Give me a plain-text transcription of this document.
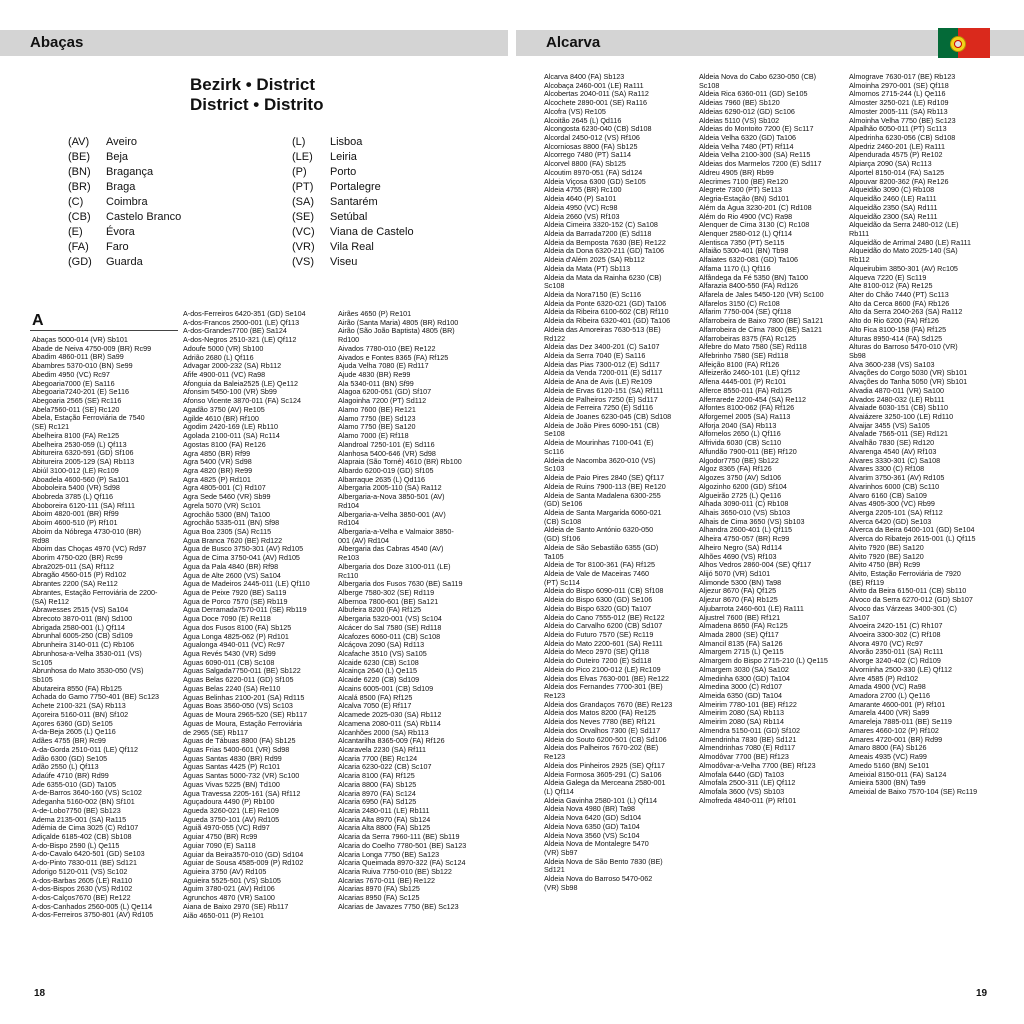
Abaças	Alcarva
Bezirk • District
District • Distrito
(AV)	Aveiro
(BE)	Beja
(BN)	Bragança
(BR)	Braga
(C)	Coimbra
(CB)	Castelo Branco
(E)	Évora
(FA)	Faro
(GD)	Guarda
(L)	Lisboa
(LE)	Leiria
(P)	Porto
(PT)	Portalegre
(SA)	Santarém
(SE)	Setúbal
(VC)	Viana de Castelo
(VR)	Vila Real
(VS)	Viseu
A
Abaças 5000-014 (VR) Sb101
Abade de Neiva 4750-009 (BR) Rc99
Abadim 4860-011 (BR) Sa99
Abambres 5370-010 (BN) Se99
Abedim 4950 (VC) Rc97
Abegoaria7000 (E) Sa116
Abegoaria7240-201 (E) Se116
Abegoaria 2565 (SE) Rc116
Abela7560-011 (SE) Rc120
Abela, Estação Ferroviária de 7540
(SE) Rc121
Abelheira 8100 (FA) Re125
Abelheira 2530-059 (L) Qf113
Abitureira 6320-591 (GD) Sf106
Abitureira 2005-129 (SA) Rb113
Abiúl 3100-012 (LE) Rc109
Aboadela 4600-560 (P) Sa101
Aboboleira 5400 (VR) Sd98
Abobreda 3785 (L) Qf116
Aboboreira 6120-111 (SA) Rf111
Aboim 4820-001 (BR) Rf99
Aboim 4600-510 (P) Rf101
Aboim da Nóbrega 4730-010 (BR)
Rd98
Aboim das Choças 4970 (VC) Rd97
Aborim 4750-020 (BR) Rc99
Abra2025-011 (SA) Rf112
Abragão 4560-015 (P) Rd102
Abrantes 2200 (SA) Re112
Abrantes, Estação Ferroviária de 2200-
(SA) Re112
Abrawesses 2515 (VS) Sa104
Abrecoto 3870-011 (BN) Sd100
Abrigada 2580-001 (L) Qf114
Abrunhal 6005-250 (CB) Sd109
Abrunheira 3140-011 (C) Rb106
Abrunhosa-a-Velha 3530-011 (VS)
Sc105
Abrunhosa do Mato 3530-050 (VS)
Sb105
Abutareira 8550 (FA) Rb125
Achada do Gamo 7750-401 (BE) Sc123
Achete 2100-321 (SA) Rb113
Açoreira 5160-011 (BN) Sf102
Açores 6360 (GD) Se105
A-da-Beja 2605 (L) Qe116
Adães 4755 (BR) Rc99
A-da-Gorda 2510-011 (LE) Qf112
Adão 6300 (GD) Se105
Adão 2550 (L) Qf113
Adaúfe 4710 (BR) Rd99
Ade 6355-010 (GD) Ta105
A-de-Barros 3640-160 (VS) Sc102
Adeganha 5160-002 (BN) Sf101
A-de-Lobo7750 (BE) Sb123
Adema 2135-001 (SA) Ra115
Adémia de Cima 3025 (C) Rd107
Adiçalde 6185-402 (CB) Sb108
A-do-Bispo 2590 (L) Qe115
A-do-Cavalo 6420-501 (GD) Se103
A-do-Pinto 7830-011 (BE) Sd121
Adorigo 5120-011 (VS) Sc102
A-dos-Barbas 2605 (LE) Ra110
A-dos-Bispos 2630 (VS) Rd102
A-dos-Calços7670 (BE) Re122
A-dos-Canhados 2560-005 (L) Qe114
A-dos-Ferreiros 3750-801 (AV) Rd105
A-dos-Ferreiros 6420-351 (GD) Se104
A-dos-Francos 2500-001 (LE) Qf113
A-dos-Grandes7700 (BE) Sa124
A-dos-Negros 2510-321 (LE) Qf112
Adoufe 5000 (VR) Sb100
Adrião 2680 (L) Qf116
Advagar 2000-232 (SA) Rb112
Afife 4900-011 (VC) Ra98
Afonguia da Baleia2525 (LE) Qe112
Afonsim 5450-100 (VR) Sb99
Afonso Vicente 3870-011 (FA) Sc124
Agadão 3750 (AV) Re105
Agilde 4610 (BR) Rf100
Agodim 2420-169 (LE) Rb110
Agolada 2100-011 (SA) Rc114
Agostas 8100 (FA) Re126
Agra 4850 (BR) Rf99
Agra 5400 (VR) Sd98
Agra 4820 (BR) Re99
Agra 4825 (P) Rd101
Agra 4805-001 (C) Rd107
Agra Sede 5460 (VR) Sb99
Agrela 5070 (VR) Sc101
Agrochão 5300 (BN) Ta100
Agrochão 5335-011 (BN) Sf98
Água Boa 2305 (SA) Rc115
Água Branca 7620 (BE) Rd122
Água de Busco 3750-301 (AV) Rd105
Água de Cima 3750-041 (AV) Rd105
Água da Pala 4840 (BR) Rf98
Água de Alte 2600 (VS) Sa104
Água de Madeiros 2445-011 (LE) Qf110
Água de Peixe 7920 (BE) Sa119
Água de Porco 7570 (SE) Rb119
Água Derramada7570-011 (SE) Rb119
Água Doce 7090 (E) Re118
Água dos Fusos 8100 (FA) Sb125
Água Longa 4825-062 (P) Rd101
Agualonga 4940-011 (VC) Rc97
Água Revés 5430 (VR) Sd99
Águas 6090-011 (CB) Sc108
Águas Salgada7750-011 (BE) Sb122
Águas Belas 6220-011 (GD) Sf105
Águas Belas 2240 (SA) Re110
Águas Belinhas 2100-201 (SA) Rd115
Águas Boas 3560-050 (VS) Sc103
Águas de Moura 2965-520 (SE) Rb117
Águas de Moura, Estação Ferroviária
de 2965 (SE) Rb117
Águas de Tábuas 8800 (FA) Sb125
Águas Frias 5400-601 (VR) Sd98
Águas Santas 4830 (BR) Rd99
Águas Santas 4425 (P) Rc101
Águas Santas 5000-732 (VR) Sc100
Águas Vivas 5225 (BN) Td100
Água Travessa 2205-161 (SA) Rf112
Aguçadoura 4490 (P) Rb100
Agueda 3260-021 (LE) Re109
Águeda 3750-101 (AV) Rd105
Aguiã 4970-055 (VC) Rd97
Aguiar 4750 (BR) Rc99
Aguiar 7090 (E) Sa118
Aguiar da Beira3570-010 (GD) Sd104
Aguiar de Sousa 4585-009 (P) Rd102
Aguieira 3750 (AV) Rd105
Aguieira 5525-501 (VS) Sb105
Aguim 3780-021 (AV) Rd106
Agrunchos 4870 (VR) Sa100
Aiana de Baixo 2970 (SE) Rb117
Aião 4650-011 (P) Re101
Airães 4650 (P) Re101
Airão (Santa Maria) 4805 (BR) Rd100
Airão (São João Baptista) 4805 (BR)
Rd100
Aivados 7780-010 (BE) Re122
Aivados e Fontes 8365 (FA) Rf125
Ajuda Velha 7080 (E) Rd117
Ajude 4830 (BR) Re99
Ala 5340-011 (BN) Sf99
Alagoa 6200-051 (GD) Sf107
Alagoinha 7200 (PT) Sd112
Alamo 7600 (BE) Re121
Alamo 7750 (BE) Sd123
Alamo 7750 (BE) Sa120
Alamo 7000 (E) Rf118
Alandroal 7250-101 (E) Sd116
Alanhosa 5400-646 (VR) Sd98
Alapraia (São Torné) 4610 (BR) Rb100
Albardo 6200-019 (GD) Sf105
Albarraque 2635 (L) Qd116
Albergaria 2005-110 (SA) Ra112
Albergaria-a-Nova 3850-501 (AV)
Rd104
Albergaria-a-Velha 3850-001 (AV)
Rd104
Albergaria-a-Velha e Valmaior 3850-
001 (AV) Rd104
Albergaria das Cabras 4540 (AV)
Re103
Albergaria dos Doze 3100-011 (LE)
Rc110
Albergaria dos Fusos 7630 (BE) Sa119
Alberge 7580-302 (SE) Rd119
Albernoa 7800-601 (BE) Sa121
Albufeira 8200 (FA) Rf125
Albergaria 5320-001 (VS) Sc104
Alcácer do Sal 7580 (SE) Rd118
Alcafozes 6060-011 (CB) Sc108
Alcáçova 2090 (SA) Rd113
Alcafache 3510 (VS) Sa105
Alcaide 6230 (CB) Sc108
Alcainça 2640 (L) Qe115
Alcaide 6220 (CB) Sd109
Alcains 6005-001 (CB) Sd109
Alcalá 8500 (FA) Rf125
Alcalva 7050 (E) Rf117
Alcamede 2025-030 (SA) Rb112
Alcamena 2080-011 (SA) Rb114
Alcanhões 2000 (SA) Rb113
Alcantarilha 8365-009 (FA) Rf126
Alcaravela 2230 (SA) Rf111
Alcaria 7700 (BE) Rc124
Alcaria 6230-022 (CB) Sc107
Alcaria 8100 (FA) Rf125
Alcaria 8800 (FA) Sb125
Alcaria 8970 (FA) Sc124
Alcaria 6950 (FA) Sd125
Alcaria 2480-011 (LE) Rb111
Alcaria Alta 8970 (FA) Sb124
Alcaria Alta 8800 (FA) Sb125
Alcaria da Serra 7960-111 (BE) Sb119
Alcaria do Coelho 7780-501 (BE) Sa123
Alcaria Longa 7750 (BE) Sa123
Alcaria Queimada 8970-322 (FA) Sc124
Alcaria Ruiva 7750-010 (BE) Sb122
Alcarias 7670-011 (BE) Re122
Alcarias 8970 (FA) Sb125
Alcarias 8950 (FA) Sc125
Alcarias de Javazes 7750 (BE) Sc123
Alcarva 8400 (FA) Sb123
Alcobaça 2460-001 (LE) Ra111
Alcobertas 2040-011 (SA) Ra112
Alcochete 2890-001 (SE) Ra116
Alcofra (VS) Re105
Alcoitão 2645 (L) Qd116
Alcongosta 6230-040 (CB) Sd108
Alcordal 2450-012 (VS) Rf106
Alcorniosas 8800 (FA) Sb125
Alcorrego 7480 (PT) Sa114
Alcorvel 8800 (FA) Sb125
Alcoutim 8970-051 (FA) Sd124
Aldeia Viçosa 6300 (GD) Se105
Aldeia 4755 (BR) Rc100
Aldeia 4640 (P) Sa101
Aldeia 4950 (VC) Rc98
Aldeia 2660 (VS) Rf103
Aldeia Cimeira 3320-152 (C) Sa108
Aldeia da Barrada7200 (E) Sd118
Aldeia da Bemposta 7630 (BE) Re122
Aldeia da Dona 6320-211 (GD) Ta106
Aldeia d'Além 2025 (SA) Rb112
Aldeia da Mata (PT) Sb113
Aldeia da Mata da Rainha 6230 (CB)
Sc108
Aldeia da Nora7150 (E) Sc116
Aldeia da Ponte 6320-021 (GD) Ta106
Aldeia da Ribeira 6100-602 (CB) Rf110
Aldeia da Ribeira 6320-401 (GD) Ta106
Aldeia das Amoreiras 7630-513 (BE)
Rd122
Aldeia das Dez 3400-201 (C) Sa107
Aldeia da Serra 7040 (E) Sa116
Aldeia das Pias 7300-012 (E) Sd117
Aldeia da Venda 7200-011 (E) Sd117
Aldeia de Ana de Avis (LE) Re109
Aldeia de Ervas 6120-151 (SA) Rf111
Aldeia de Palheiros 7250 (E) Sd117
Aldeia de Ferreira 7250 (E) Sd116
Aldeia de Joanes 6230-045 (CB) Sd108
Aldeia de João Pires 6090-151 (CB)
Se108
Aldeia de Mourinhas 7100-041 (E)
Sc116
Aldeia de Nacomba 3620-010 (VS)
Sc103
Aldeia de Paio Pires 2840 (SE) Qf117
Aldeia de Ruins 7900-113 (BE) Re120
Aldeia de Santa Madalena 6300-255
(GD) Se106
Aldeia de Santa Margarida 6060-021
(CB) Sc108
Aldeia de Santo António 6320-050
(GD) Sf106
Aldeia de São Sebastião 6355 (GD)
Ta105
Aldeia de Tor 8100-361 (FA) Rf125
Aldeia de Vale de Maceiras 7460
(PT) Sc114
Aldeia do Bispo 6090-011 (CB) Sf108
Aldeia do Bispo 6300 (GD) Se106
Aldeia do Bispo 6320 (GD) Ta107
Aldeia do Cano 7555-012 (BE) Rc122
Aldeia do Carvalho 6200 (CB) Sd107
Aldeia do Futuro 7570 (SE) Rc119
Aldeia do Mato 2200-601 (SA) Re111
Aldeia do Meco 2970 (SE) Qf118
Aldeia do Outeiro 7200 (E) Sd118
Aldeia do Pico 2100-012 (LE) Rc109
Aldeia dos Elvas 7630-001 (BE) Re122
Aldeia dos Fernandes 7700-301 (BE)
Re123
Aldeia dos Grandaços 7670 (BE) Re123
Aldeia dos Matos 8200 (FA) Re125
Aldeia dos Neves 7780 (BE) Rf121
Aldeia dos Orvalhos 7300 (E) Sd117
Aldeia do Souto 6200-501 (CB) Sd106
Aldeia dos Palheiros 7670-202 (BE)
Re123
Aldeia dos Pinheiros 2925 (SE) Qf117
Aldeia Formosa 3605-291 (C) Sa106
Aldeia Galega da Merceana 2580-001
(L) Qf114
Aldeia Gavinha 2580-101 (L) Qf114
Aldeia Nova 4980 (BR) Ta98
Aldeia Nova 6420 (GD) Sd104
Aldeia Nova 6350 (GD) Ta104
Aldeia Nova 3560 (VS) Sc104
Aldeia Nova de Montalegre 5470
(VR) Sb97
Aldeia Nova de São Bento 7830 (BE)
Sd121
Aldeia Nova do Barroso 5470-062
(VR) Sb98
Aldeia Nova do Cabo 6230-050 (CB)
Sc108
Aldeia Rica 6360-011 (GD) Se105
Aldeias 7960 (BE) Sb120
Aldeias 6290-012 (GD) Sc106
Aldeias 5110 (VS) Sb102
Aldeias do Montoito 7200 (E) Sc117
Aldeia Velha 6320 (GD) Ta106
Aldeia Velha 7480 (PT) Rf114
Aldeia Velha 2100-300 (SA) Re115
Aldeias dos Marmelos 7200 (E) Sd117
Aldreu 4905 (BR) Rb99
Alecrimes 7100 (BE) Re120
Alegrete 7300 (PT) Se113
Alegria-Estação (BN) Sd101
Além da Água 3230-201 (C) Rd108
Além do Rio 4900 (VC) Ra98
Alenquer de Cima 3130 (C) Rc108
Alenquer 2580-012 (L) Qf114
Alentisca 7350 (PT) Se115
Alfaião 5300-401 (BN) Tb98
Alfaiates 6320-081 (GD) Ta106
Alfama 1170 (L) Qf116
Alfândega da Fé 5350 (BN) Ta100
Alfarazia 8400-550 (FA) Rd126
Alfarela de Jales 5450-120 (VR) Sc100
Alfarelos 3150 (C) Rc108
Alfarim 7750-004 (SE) Qf118
Alfarrobeira de Baixo 7800 (BE) Sa121
Alfarrobeira de Cima 7800 (BE) Sa121
Alfarrobeiras 8375 (FA) Rc125
Alfebre do Mato 7580 (SE) Rd118
Alfebrinho 7580 (SE) Rd118
Alfeição 8100 (FA) Rf126
Alfeizerão 2460-101 (LE) Qf112
Alfena 4445-001 (P) Rc101
Alferce 8550-011 (FA) Rd125
Alferrarede 2200-454 (SA) Re112
Alfontes 8100-062 (FA) Rf126
Alforgemel 2005 (SA) Ra113
Alforja 2040 (SA) Rb113
Alfornelos 2650 (L) Qf116
Alfrivida 6030 (CB) Sc110
Alfundão 7900-011 (BE) Rf120
Algodor7750 (BE) Sb122
Algoz 8365 (FA) Rf126
Algozes 3750 (AV) Sd106
Algozinho 6200 (GD) Sf104
Algueirão 2725 (L) Qe116
Alhada 3090-011 (C) Rb108
Alhais 3650-010 (VS) Sb103
Alhais de Cima 3650 (VS) Sb103
Alhandra 2600-401 (L) Qf115
Alheira 4750-057 (BR) Rc99
Alheiro Negro (SA) Rd114
Alhões 4690 (VS) Rf103
Alhos Vedros 2860-004 (SE) Qf117
Alijó 5070 (VR) Sd101
Alimonde 5300 (BN) Ta98
Aljezur 8670 (FA) Qf125
Aljezur 8670 (FA) Rb125
Aljubarrota 2460-601 (LE) Ra111
Aljustrel 7600 (BE) Rf121
Almadena 8650 (FA) Rc125
Almada 2800 (SE) Qf117
Almancil 8135 (FA) Sa126
Almargem 2715 (L) Qe115
Almargem do Bispo 2715-210 (L) Qe115
Almargem 3030 (SA) Sa102
Almedinha 6300 (GD) Ta104
Almedina 3000 (C) Rd107
Almeida 6350 (GD) Ta104
Almeirim 7780-101 (BE) Rf122
Almeirim 2080 (SA) Rb113
Almeirim 2080 (SA) Rb114
Almendra 5150-011 (GD) Sf102
Almendrinha 7830 (BE) Sd121
Almendrinhas 7080 (E) Rd117
Almodôvar 7700 (BE) Rf123
Almodôvar-a-Velha 7700 (BE) Rf123
Almofala 6440 (GD) Ta103
Almofala 2500-311 (LE) Qf112
Almofala 3600 (VS) Sb103
Almofreda 4840-011 (P) Rf101
Almograve 7630-017 (BE) Rb123
Almoinha 2970-001 (SE) Qf118
Almornos 2715-244 (L) Qe116
Almoster 3250-021 (LE) Rd109
Almoster 2005-111 (SA) Rb113
Almoinha Velha 7750 (BE) Sc123
Alpalhão 6050-011 (PT) Sc113
Alpedrinha 6230-056 (CB) Sd108
Alpedriz 2460-201 (LE) Ra111
Alpendurada 4575 (P) Re102
Alpiarça 2090 (SA) Rc113
Alportel 8150-014 (FA) Sa125
Alpouvar 8200-362 (FA) Re126
Alqueidão 3090 (C) Rb108
Alqueidão 2460 (LE) Ra111
Alqueidão 2350 (SA) Rd111
Alqueidão 2300 (SA) Re111
Alqueidão da Serra 2480-012 (LE)
Rb111
Alqueidão de Arrimal 2480 (LE) Ra111
Alqueidão do Mato 2025-140 (SA)
Rb112
Alqueirubim 3850-301 (AV) Rc105
Alqueva 7220 (E) Sc119
Alte 8100-012 (FA) Re125
Alter do Chão 7440 (PT) Sc113
Alto da Cerca 8600 (FA) Rb126
Alto da Serra 2040-263 (SA) Ra112
Alto do Rio 6200 (FA) Rf126
Alto Fica 8100-158 (FA) Rf125
Alturas 8950-414 (FA) Sd125
Alturas do Barroso 5470-010 (VR)
Sb98
Alva 3600-238 (VS) Sa103
Alvações do Corgo 5030 (VR) Sb101
Alvações do Tanha 5050 (VR) Sb101
Alvadia 4870-011 (VR) Sa100
Alvados 2480-032 (LE) Rb111
Alvaiade 6030-151 (CB) Sb110
Alvaiázere 3250-100 (LE) Rd110
Alvaijar 3455 (VS) Sa105
Alvalade 7565-011 (SE) Rd121
Alvalhão 7830 (SE) Rd120
Alvarenga 4540 (AV) Rf103
Alvares 3330-301 (C) Sa108
Alvares 3300 (C) Rf108
Alvarim 3750-361 (AV) Rd105
Alvarinhos 6000 (CB) Sc110
Alvaro 6160 (CB) Sa109
Alvas 4905-300 (VC) Rb99
Alverga 2205-101 (SA) Rf112
Alverca 6420 (GD) Se103
Alverca da Beira 6400-101 (GD) Se104
Alverca do Ribatejo 2615-001 (L) Qf115
Alvito 7920 (BE) Sa120
Alvito 7920 (BE) Sa120
Alvito 4750 (BR) Rc99
Alvito, Estação Ferroviária de 7920
(BE) Rf119
Alvito da Beira 6150-011 (CB) Sb110
Alvoco da Serra 6270-012 (GD) Sb107
Alvoco das Várzeas 3400-301 (C)
Sa107
Alvoeira 2420-151 (C) Rh107
Alvoeira 3300-302 (C) Rf108
Alvora 4970 (VC) Rc97
Alvorão 2350-011 (SA) Rc111
Alvorge 3240-402 (C) Rd109
Alvorninha 2500-330 (LE) Qf112
Alvre 4585 (P) Rd102
Amada 4900 (VC) Ra98
Amadora 2700 (L) Qe116
Amarante 4600-001 (P) Rf101
Amarela 4400 (VR) Sa99
Amareleja 7885-011 (BE) Se119
Amares 4660-102 (P) Rf102
Amares 4720-001 (BR) Rd99
Amaro 8800 (FA) Sb126
Ameais 4935 (VC) Ra99
Amedo 5160 (BN) Se101
Ameixial 8150-011 (FA) Sa124
Amieira 5300 (BN) Ta99
Ameixial de Baixo 7570-104 (SE) Rc119
18	19
